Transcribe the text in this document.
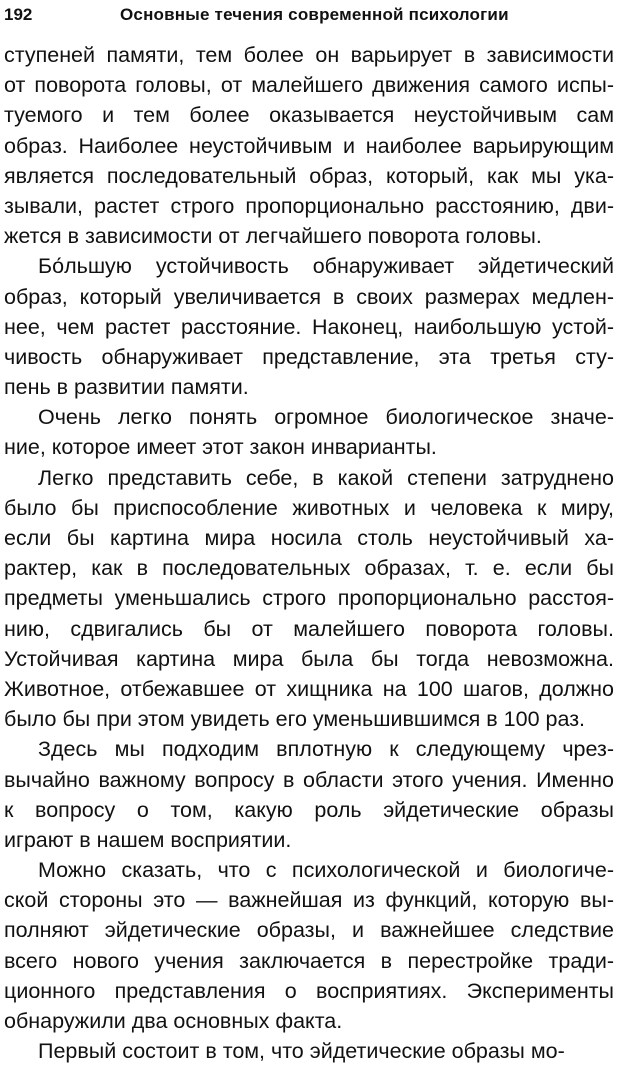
192	Основные течения современной психологии
ступеней памяти, тем более он варьирует в зависимости
от поворота головы, от малейшего движения самого испы-
туемого и тем более оказывается неустойчивым сам
образ. Наиболее неустойчивым и наиболее варьирующим
является последовательный образ, который, как мы ука-
зывали, растет строго пропорционально расстоянию, дви-
жется в зависимости от легчайшего поворота головы.
Бо́льшую устойчивость обнаруживает эйдетический
образ, который увеличивается в своих размерах медлен-
нее, чем растет расстояние. Наконец, наибольшую устой-
чивость обнаруживает представление, эта третья сту-
пень в развитии памяти.
Очень легко понять огромное биологическое значе-
ние, которое имеет этот закон инварианты.
Легко представить себе, в какой степени затруднено
было бы приспособление животных и человека к миру,
если бы картина мира носила столь неустойчивый ха-
рактер, как в последовательных образах, т. е. если бы
предметы уменьшались строго пропорционально расстоя-
нию, сдвигались бы от малейшего поворота головы.
Устойчивая картина мира была бы тогда невозможна.
Животное, отбежавшее от хищника на 100 шагов, должно
было бы при этом увидеть его уменьшившимся в 100 раз.
Здесь мы подходим вплотную к следующему чрез-
вычайно важному вопросу в области этого учения. Именно
к вопросу о том, какую роль эйдетические образы
играют в нашем восприятии.
Можно сказать, что с психологической и биологиче-
ской стороны это — важнейшая из функций, которую вы-
полняют эйдетические образы, и важнейшее следствие
всего нового учения заключается в перестройке тради-
ционного представления о восприятиях. Эксперименты
обнаружили два основных факта.
Первый состоит в том, что эйдетические образы мо-
